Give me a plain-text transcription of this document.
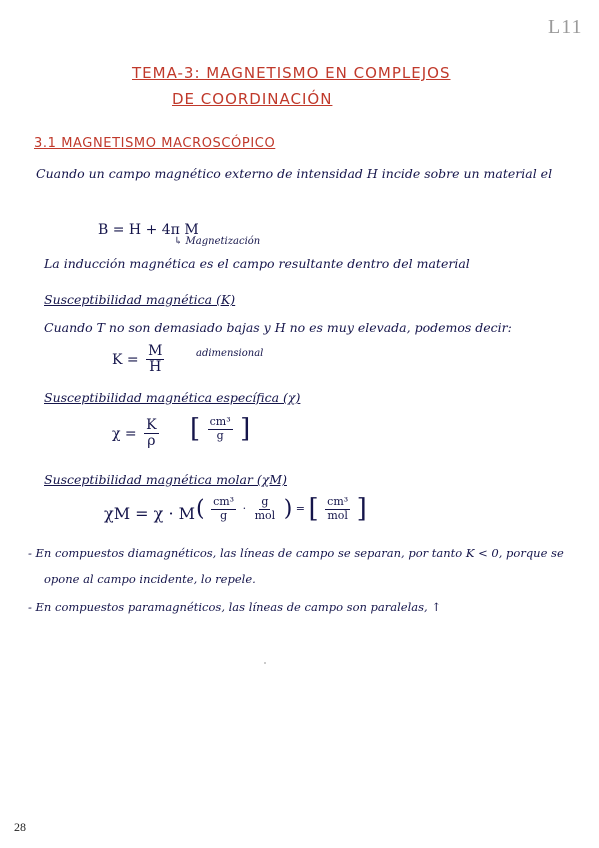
L11
TEMA-3: MAGNETISMO EN COMPLEJOS
DE COORDINACIÓN
3.1 MAGNETISMO MACROSCÓPICO
Cuando un campo magnético externo de intensidad H incide sobre un material el
B = H + 4π M
↳ Magnetización
La inducción magnética es el campo resultante dentro del material
Susceptibilidad magnética (K)
Cuando T no son demasiado bajas y H no es muy elevada, podemos decir:
$K = \frac{M}{H}$	adimensional
Susceptibilidad magnética específica (χ)
$\chi = \frac{K}{\rho}$ [ $\frac{\text{cm³}}{g}$ ]
Susceptibilidad magnética molar (χM)
χM = χ · M ( $\frac{\text{cm³}}{g} \cdot \frac{g}{\text{mol}}$ ) = [ $\frac{\text{cm³}}{\text{mol}}$ ]
- En compuestos diamagnéticos, las líneas de campo se separan, por tanto K < 0, porque se
opone al campo incidente, lo repele.
- En compuestos paramagnéticos, las líneas de campo son paralelas, ↑
28
